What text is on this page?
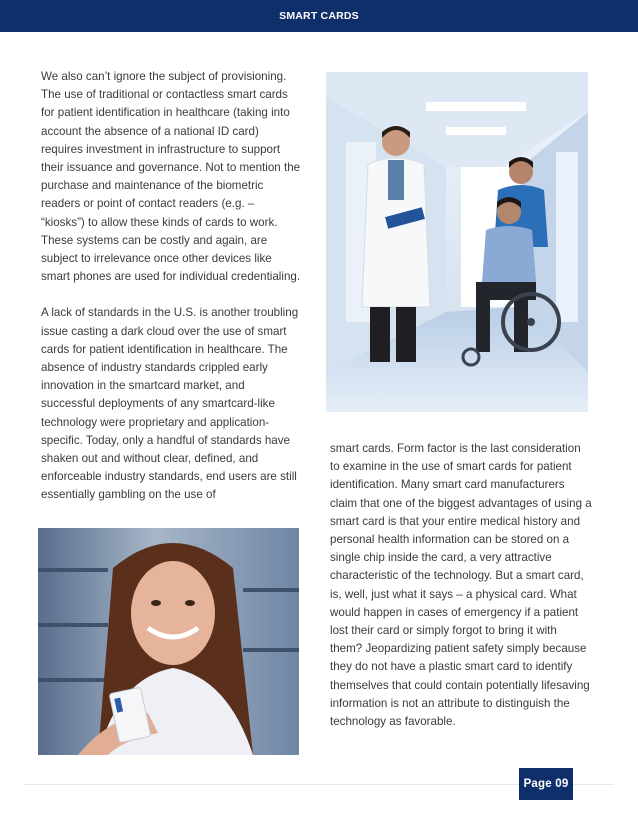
SMART CARDS

We also can’t ignore the subject of provisioning. The use of traditional or contactless smart cards for patient identification in healthcare (taking into account the absence of a national ID card) requires investment in infrastructure to support their issuance and governance. Not to mention the purchase and maintenance of the biometric readers or point of contact readers (e.g. – “kiosks”) to allow these kinds of cards to work. These systems can be costly and again, are subject to irrelevance once other devices like smart phones are used for individual credentialing.

A lack of standards in the U.S. is another troubling issue casting a dark cloud over the use of smart cards for patient identification in healthcare. The absence of industry standards crippled early innovation in the smartcard market, and successful deployments of any smartcard-like technology were proprietary and application-specific. Today, only a handful of standards have shaken out and without clear, defined, and enforceable industry standards, end users are still essentially gambling on the use of

smart cards. Form factor is the last consideration to examine in the use of smart cards for patient identification. Many smart card manufacturers claim that one of the biggest advantages of using a smart card is that your entire medical history and personal health information can be stored on a single chip inside the card, a very attractive characteristic of the technology. But a smart card, is, well, just what it says – a physical card. What would happen in cases of emergency if a patient lost their card or simply forgot to bring it with them? Jeopardizing patient safety simply because they do not have a plastic smart card to identify themselves that could contain potentially lifesaving information is not an attribute to distinguish the technology as favorable.

Page 09
